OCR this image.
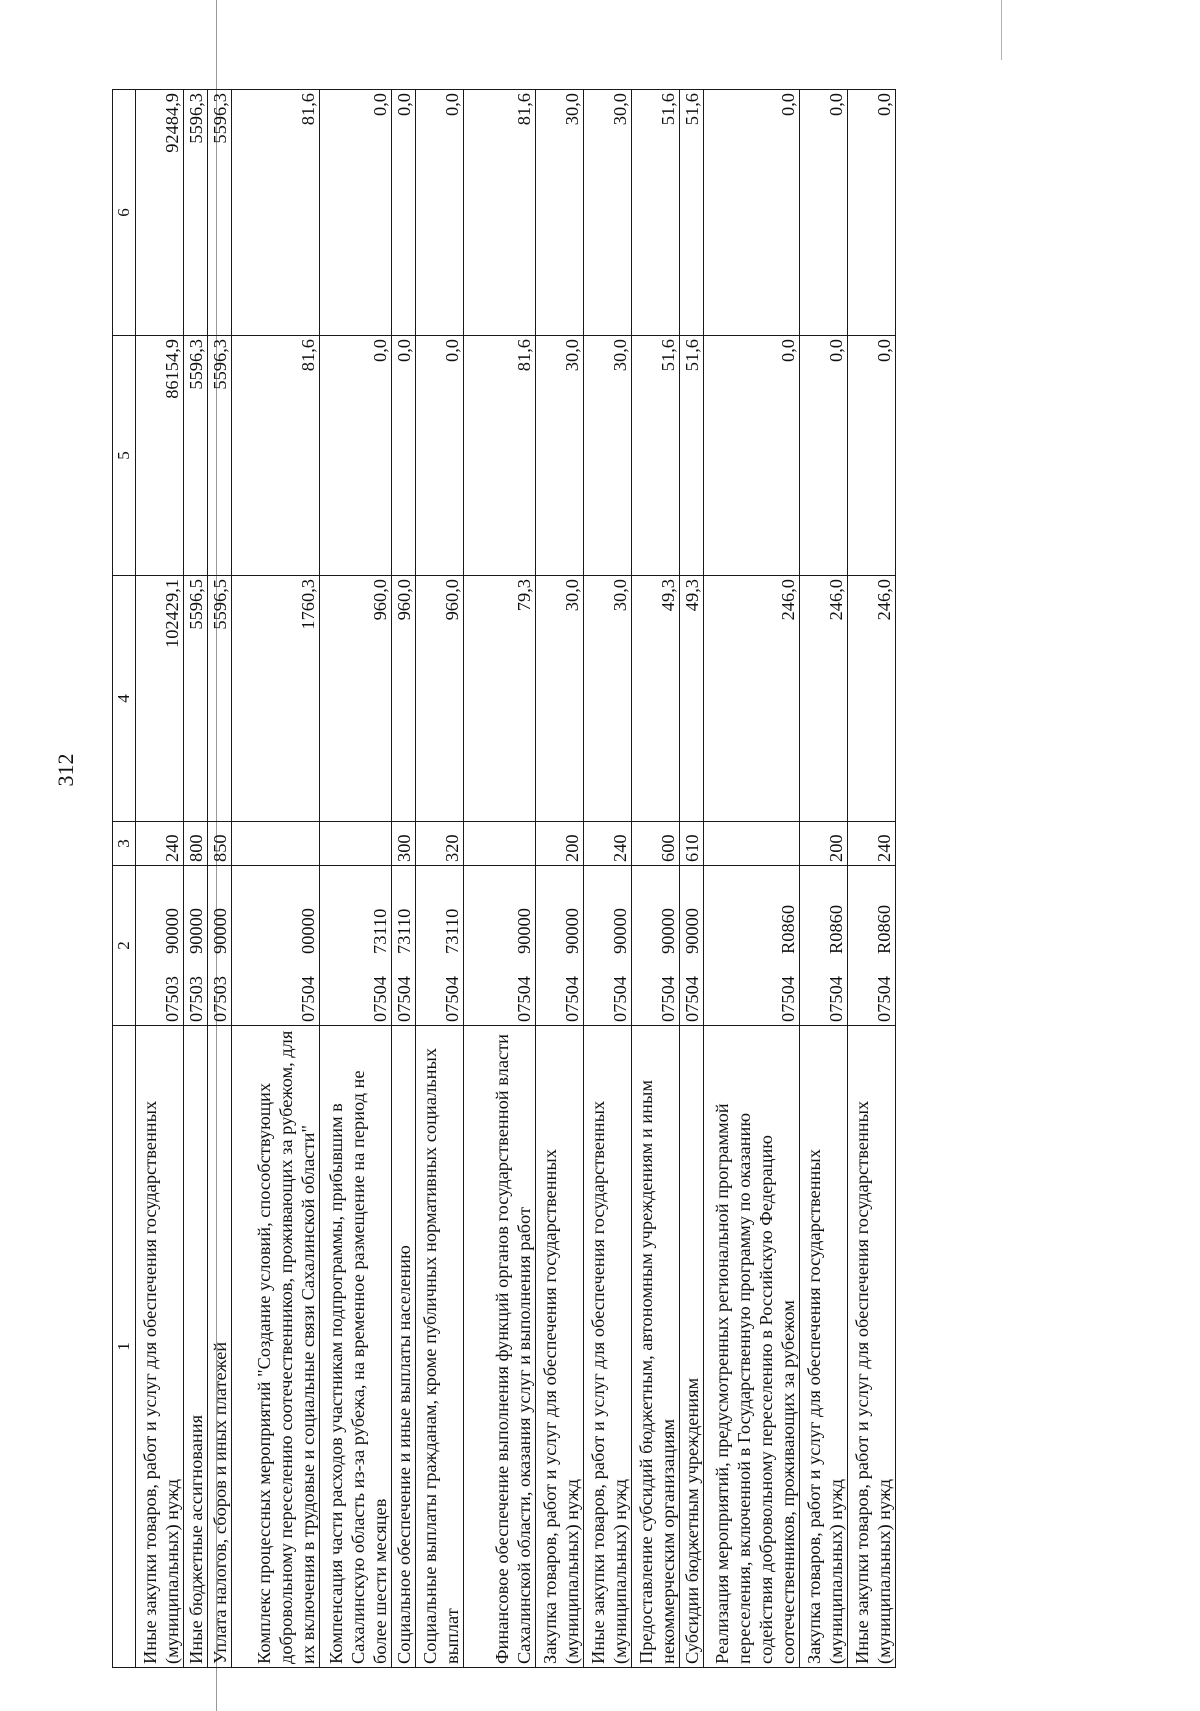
312
1	2	3	4	5	6
Иные закупки товаров, работ и услуг для обеспечения государственных (муниципальных) нужд	0750390000	240	102429,1	86154,9	92484,9
Иные бюджетные ассигнования	0750390000	800	5596,5	5596,3	5596,3
Уплата налогов, сборов и иных платежей	0750390000	850	5596,5	5596,3	5596,3
Комплекс процессных мероприятий "Создание условий, способствующих добровольному переселению соотечественников, проживающих за рубежом, для их включения в трудовые и социальные связи Сахалинской области"	0750400000		1760,3	81,6	81,6
Компенсация части расходов участникам подпрограммы, прибывшим в Сахалинскую область из-за рубежа, на временное размещение на период не более шести месяцев	0750473110		960,0	0,0	0,0
Социальное обеспечение и иные выплаты населению	0750473110	300	960,0	0,0	0,0
Социальные выплаты гражданам, кроме публичных нормативных социальных выплат	0750473110	320	960,0	0,0	0,0
Финансовое обеспечение выполнения функций органов государственной власти Сахалинской области, оказания услуг и выполнения работ	0750490000		79,3	81,6	81,6
Закупка товаров, работ и услуг для обеспечения государственных (муниципальных) нужд	0750490000	200	30,0	30,0	30,0
Иные закупки товаров, работ и услуг для обеспечения государственных (муниципальных) нужд	0750490000	240	30,0	30,0	30,0
Предоставление субсидий бюджетным, автономным учреждениям и иным некоммерческим организациям	0750490000	600	49,3	51,6	51,6
Субсидии бюджетным учреждениям	0750490000	610	49,3	51,6	51,6
Реализация мероприятий, предусмотренных региональной программой переселения, включенной в Государственную программу по оказанию содействия добровольному переселению в Российскую Федерацию соотечественников, проживающих за рубежом	07504R0860		246,0	0,0	0,0
Закупка товаров, работ и услуг для обеспечения государственных (муниципальных) нужд	07504R0860	200	246,0	0,0	0,0
Иные закупки товаров, работ и услуг для обеспечения государственных (муниципальных) нужд	07504R0860	240	246,0	0,0	0,0
